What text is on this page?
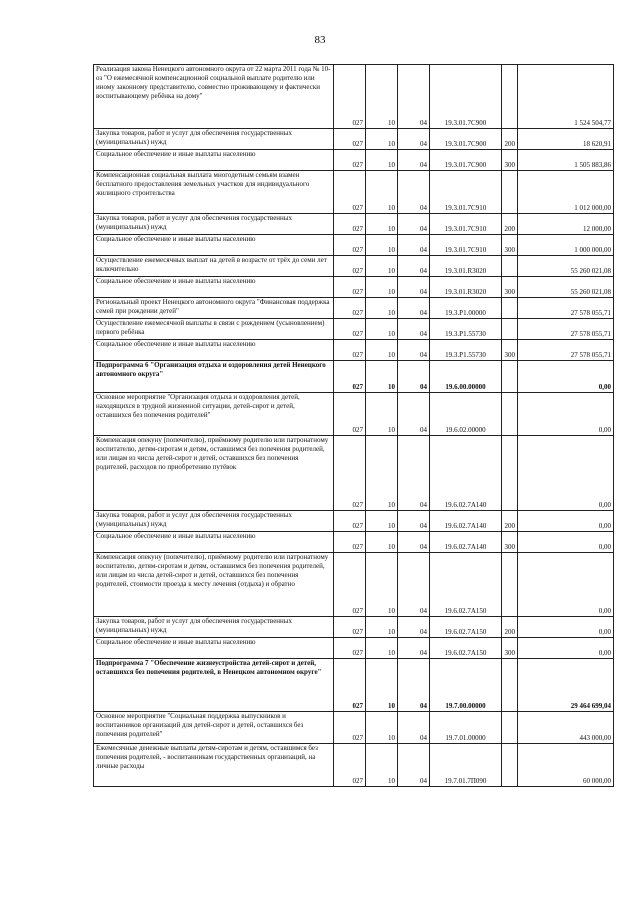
83
Реализация закона Ненецкого автономного округа от 22 марта 2011 года № 10-оз "О ежемесячной компенсационной социальной выплате родителю или иному законному представителю, совместно проживающему и фактически воспитывающему ребёнка на дому"	027	10	04	19.3.01.7С900		1 524 504,77
Закупка товаров, работ и услуг для обеспечения государственных (муниципальных) нужд	027	10	04	19.3.01.7С900	200	18 620,91
Социальное обеспечение и иные выплаты населению	027	10	04	19.3.01.7С900	300	1 505 883,86
Компенсационная социальная выплата многодетным семьям взамен бесплатного предоставления земельных участков для индивидуального жилищного строительства	027	10	04	19.3.01.7С910		1 012 000,00
Закупка товаров, работ и услуг для обеспечения государственных (муниципальных) нужд	027	10	04	19.3.01.7С910	200	12 000,00
Социальное обеспечение и иные выплаты населению	027	10	04	19.3.01.7С910	300	1 000 000,00
Осуществление ежемесячных выплат на детей в возрасте от трёх до семи лет включительно	027	10	04	19.3.01.R3020		55 260 021,08
Социальное обеспечение и иные выплаты населению	027	10	04	19.3.01.R3020	300	55 260 021,08
Региональный проект Ненецкого автономного округа "Финансовая поддержка семей при рождении детей"	027	10	04	19.3.P1.00000		27 578 055,71
Осуществление ежемесячной выплаты в связи с рождением (усыновлением) первого ребёнка	027	10	04	19.3.P1.55730		27 578 055,71
Социальное обеспечение и иные выплаты населению	027	10	04	19.3.P1.55730	300	27 578 055,71
Подпрограмма 6 "Организация отдыха и оздоровления детей Ненецкого автономного округа"	027	10	04	19.6.00.00000		0,00
Основное мероприятие "Организация отдыха и оздоровления детей, находящихся в трудной жизненной ситуации, детей-сирот и детей, оставшихся без попечения родителей"	027	10	04	19.6.02.00000		0,00
Компенсация опекуну (попечителю), приёмному родителю или патронатному воспитателю, детям-сиротам и детям, оставшимся без попечения родителей, или лицам из числа детей-сирот и детей, оставшихся без попечения родителей, расходов по приобретению путёвок	027	10	04	19.6.02.7А140		0,00
Закупка товаров, работ и услуг для обеспечения государственных (муниципальных) нужд	027	10	04	19.6.02.7А140	200	0,00
Социальное обеспечение и иные выплаты населению	027	10	04	19.6.02.7А140	300	0,00
Компенсация опекуну (попечителю), приёмному родителю или патронатному воспитателю, детям-сиротам и детям, оставшимся без попечения родителей, или лицам из числа детей-сирот и детей, оставшихся без попечения родителей, стоимости проезда к месту лечения (отдыха) и обратно	027	10	04	19.6.02.7А150		0,00
Закупка товаров, работ и услуг для обеспечения государственных (муниципальных) нужд	027	10	04	19.6.02.7А150	200	0,00
Социальное обеспечение и иные выплаты населению	027	10	04	19.6.02.7А150	300	0,00
Подпрограмма 7 "Обеспечение жизнеустройства детей-сирот и детей, оставшихся без попечения родителей, в Ненецком автономном округе"	027	10	04	19.7.00.00000		29 464 699,04
Основное мероприятие "Социальная поддержка выпускников и воспитанников организаций для детей-сирот и детей, оставшихся без попечения родителей"	027	10	04	19.7.01.00000		443 000,00
Ежемесячные денежные выплаты детям-сиротам и детям, оставшимся без попечения родителей, - воспитанникам государственных организаций, на личные расходы	027	10	04	19.7.01.7П090		60 000,00
